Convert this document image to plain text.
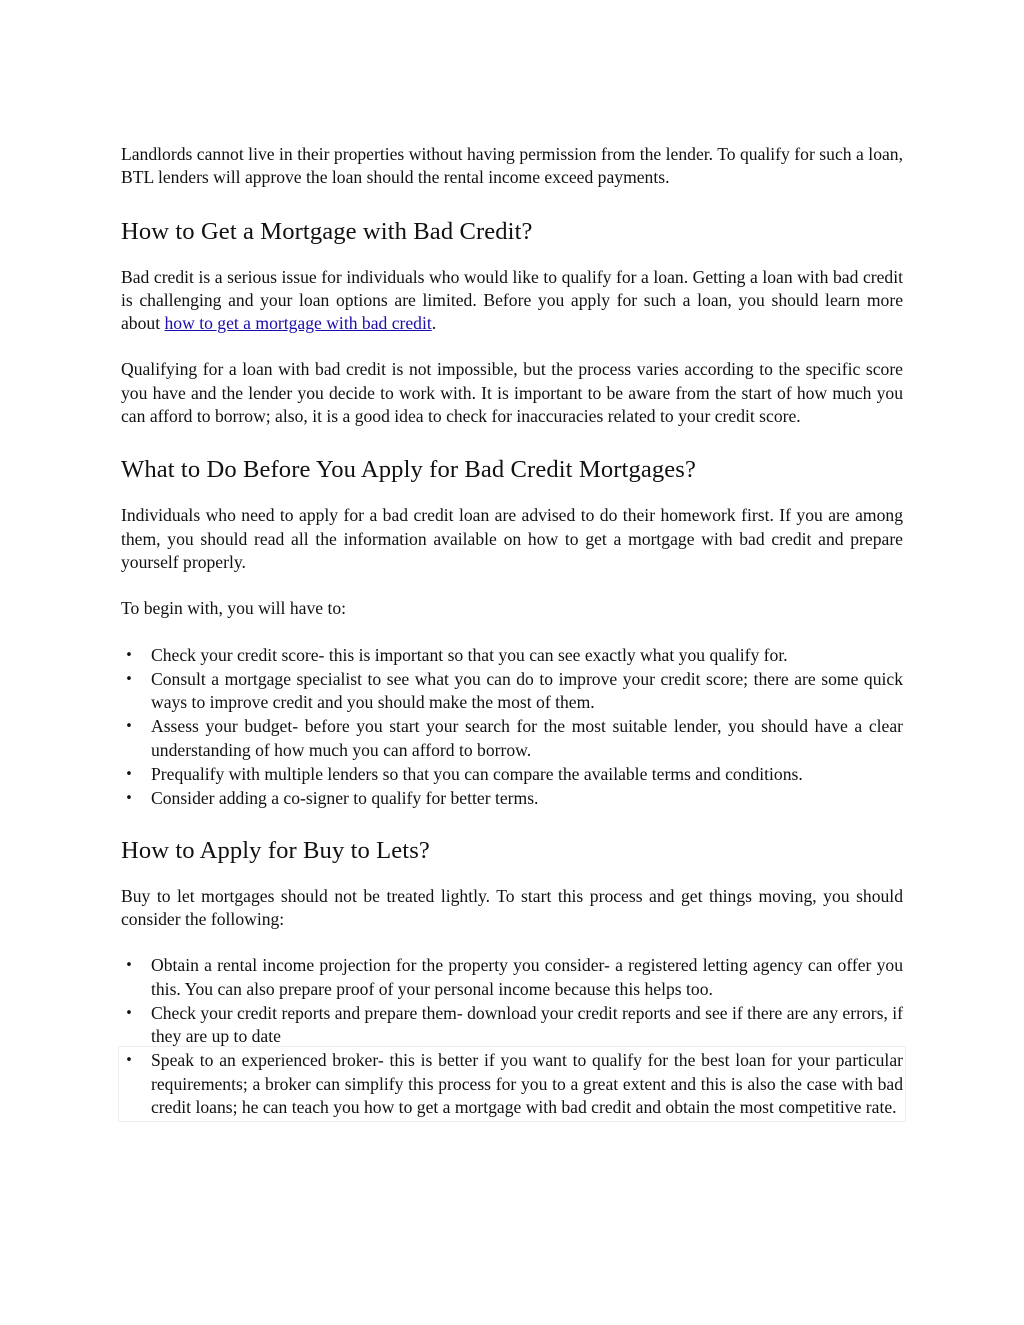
Landlords cannot live in their properties without having permission from the lender. To qualify for such a loan, BTL lenders will approve the loan should the rental income exceed payments.

How to Get a Mortgage with Bad Credit?

Bad credit is a serious issue for individuals who would like to qualify for a loan. Getting a loan with bad credit is challenging and your loan options are limited. Before you apply for such a loan, you should learn more about how to get a mortgage with bad credit.

Qualifying for a loan with bad credit is not impossible, but the process varies according to the specific score you have and the lender you decide to work with. It is important to be aware from the start of how much you can afford to borrow; also, it is a good idea to check for inaccuracies related to your credit score.

What to Do Before You Apply for Bad Credit Mortgages?

Individuals who need to apply for a bad credit loan are advised to do their homework first. If you are among them, you should read all the information available on how to get a mortgage with bad credit and prepare yourself properly.

To begin with, you will have to:

• Check your credit score- this is important so that you can see exactly what you qualify for.
• Consult a mortgage specialist to see what you can do to improve your credit score; there are some quick ways to improve credit and you should make the most of them.
• Assess your budget- before you start your search for the most suitable lender, you should have a clear understanding of how much you can afford to borrow.
• Prequalify with multiple lenders so that you can compare the available terms and conditions.
• Consider adding a co-signer to qualify for better terms.
How to Apply for Buy to Lets?

Buy to let mortgages should not be treated lightly. To start this process and get things moving, you should consider the following:

• Obtain a rental income projection for the property you consider- a registered letting agency can offer you this. You can also prepare proof of your personal income because this helps too.
• Check your credit reports and prepare them- download your credit reports and see if there are any errors, if they are up to date
• Speak to an experienced broker- this is better if you want to qualify for the best loan for your particular requirements; a broker can simplify this process for you to a great extent and this is also the case with bad credit loans; he can teach you how to get a mortgage with bad credit and obtain the most competitive rate.
